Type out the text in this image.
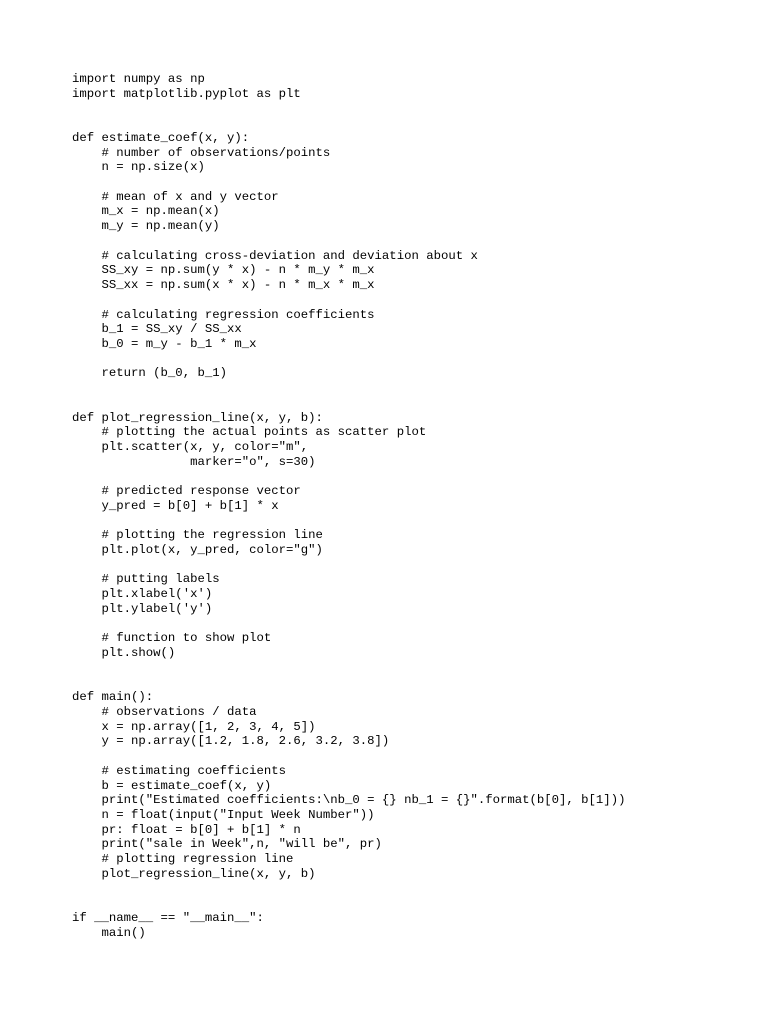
import numpy as np
import matplotlib.pyplot as plt
def estimate_coef(x, y):
# number of observations/points
n = np.size(x)
# mean of x and y vector
m_x = np.mean(x)
m_y = np.mean(y)
# calculating cross-deviation and deviation about x
SS_xy = np.sum(y * x) - n * m_y * m_x
SS_xx = np.sum(x * x) - n * m_x * m_x
# calculating regression coefficients
b_1 = SS_xy / SS_xx
b_0 = m_y - b_1 * m_x
return (b_0, b_1)
def plot_regression_line(x, y, b):
# plotting the actual points as scatter plot
plt.scatter(x, y, color="m",
marker="o", s=30)
# predicted response vector
y_pred = b[0] + b[1] * x
# plotting the regression line
plt.plot(x, y_pred, color="g")
# putting labels
plt.xlabel('x')
plt.ylabel('y')
# function to show plot
plt.show()
def main():
# observations / data
x = np.array([1, 2, 3, 4, 5])
y = np.array([1.2, 1.8, 2.6, 3.2, 3.8])
# estimating coefficients
b = estimate_coef(x, y)
print("Estimated coefficients:\nb_0 = {} nb_1 = {}".format(b[0], b[1]))
n = float(input("Input Week Number"))
pr: float = b[0] + b[1] * n
print("sale in Week",n, "will be", pr)
# plotting regression line
plot_regression_line(x, y, b)
if __name__ == "__main__":
main()
